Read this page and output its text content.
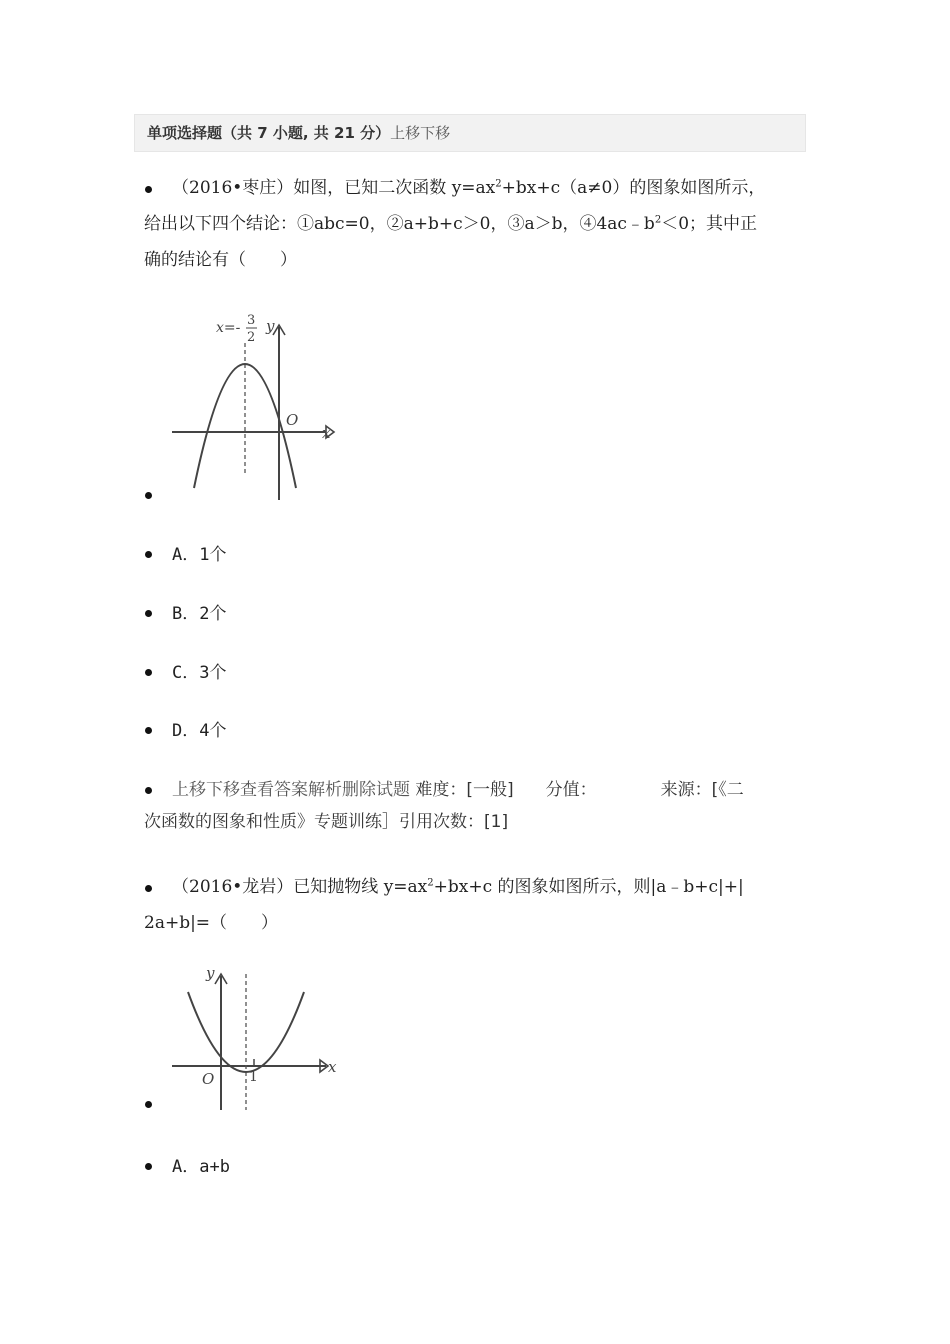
单项选择题（共 7 小题, 共 21 分）上移下移
（2016•枣庄）如图，已知二次函数 $y=ax^2+bx+c(a\ne 0)$的图象如图所示，
给出以下四个结论：①abc=0，②a+b+c＞0，③a＞b，$④4ac﹣b^2<0$；其中正
确的结论有（　　）
x=- 3
2
y
x
O
A．1个
B．2个
C．3个
D．4个
上移下移查看答案解析删除试题 难度：[一般] 分值：	来源：[《二
次函数的图象和性质》专题训练］引用次数：[1]
（2016•龙岩）已知抛物线 $y=ax^2+bx+c$ 的图象如图所示，则|a﹣b+c|+|
2a+b|=（　　）
y
x
O 1
A．a+b
